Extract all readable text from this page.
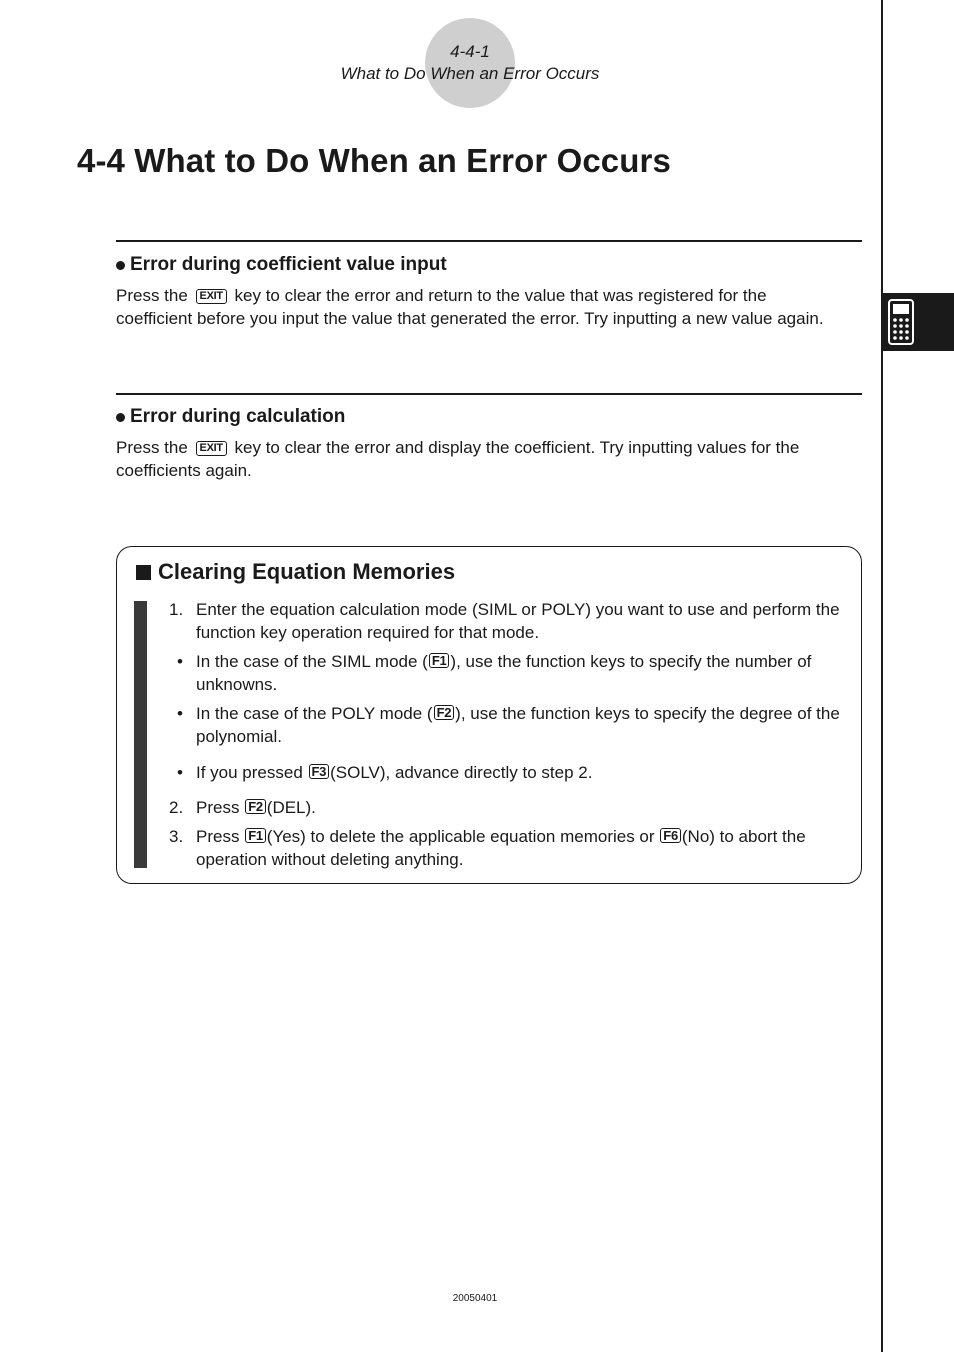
4-4-1
What to Do When an Error Occurs
4-4 What to Do When an Error Occurs
Error during coefficient value input
Press the EXIT key to clear the error and return to the value that was registered for the coefficient before you input the value that generated the error. Try inputting a new value again.
Error during calculation
Press the EXIT key to clear the error and display the coefficient. Try inputting values for the coefficients again.
Clearing Equation Memories
1. Enter the equation calculation mode (SIML or POLY) you want to use and perform the function key operation required for that mode.
• In the case of the SIML mode ( F1 ), use the function keys to specify the number of unknowns.
• In the case of the POLY mode ( F2 ), use the function keys to specify the degree of the polynomial.
• If you pressed F3 (SOLV), advance directly to step 2.
2. Press F2 (DEL).
3. Press F1 (Yes) to delete the applicable equation memories or F6 (No) to abort the operation without deleting anything.
20050401
